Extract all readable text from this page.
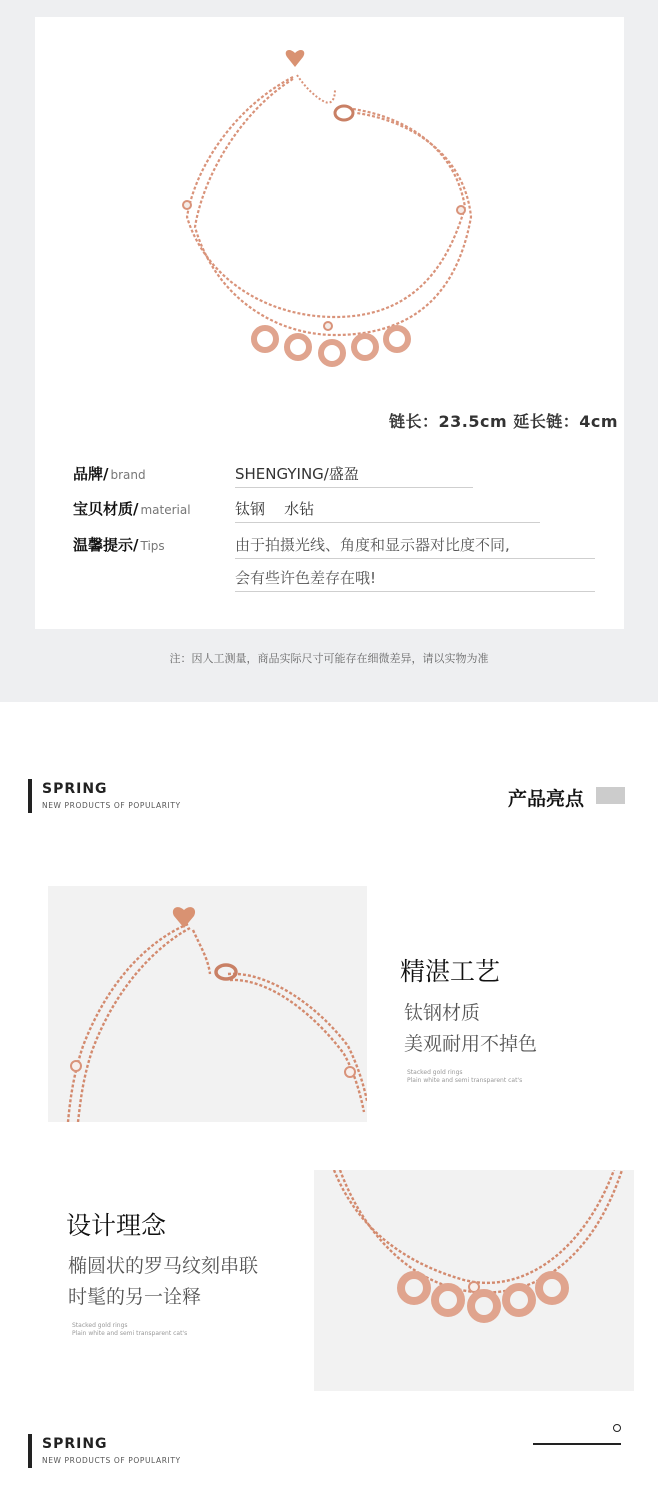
链长：23.5cm 延长链：4cm
品牌/ brand	SHENGYING/盛盈
宝贝材质/ material	钛钢    水钻
温馨提示/ Tips	由于拍摄光线、角度和显示器对比度不同,
会有些许色差存在哦!
注：因人工测量，商品实际尺寸可能存在细微差异，请以实物为准
SPRING
NEW PRODUCTS OF POPULARITY	产品亮点
精湛工艺
钛钢材质
美观耐用不掉色
Stacked gold rings
Plain white and semi transparent cat's
设计理念
椭圆状的罗马纹刻串联
时髦的另一诠释
Stacked gold rings
Plain white and semi transparent cat's
SPRING
NEW PRODUCTS OF POPULARITY
